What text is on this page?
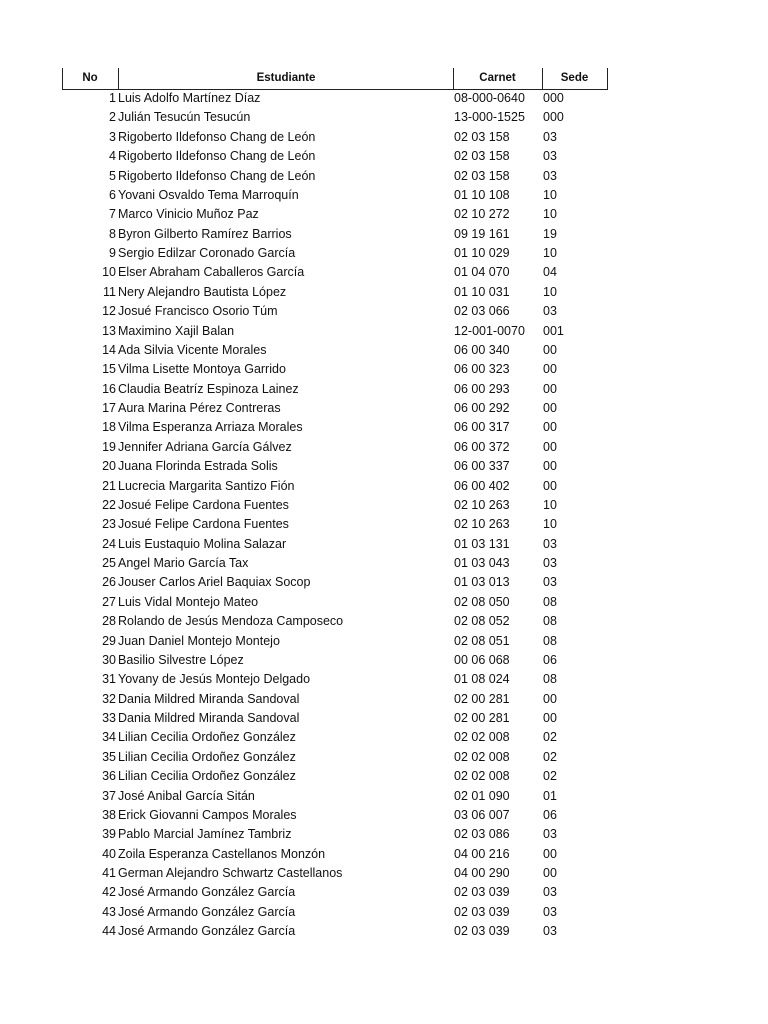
No	Estudiante	Carnet	Sede
1 Luis Adolfo Martínez Díaz	08-000-0640	000
2 Julián Tesucún Tesucún	13-000-1525	000
3 Rigoberto Ildefonso Chang de León	02 03 158	03
4 Rigoberto Ildefonso Chang de León	02 03 158	03
5 Rigoberto Ildefonso Chang de León	02 03 158	03
6 Yovani Osvaldo Tema Marroquín	01 10 108	10
7 Marco Vinicio Muñoz Paz	02 10 272	10
8 Byron Gilberto Ramírez Barrios	09 19 161	19
9 Sergio Edilzar Coronado García	01 10 029	10
10 Elser Abraham Caballeros García	01 04 070	04
11 Nery Alejandro Bautista López	01 10 031	10
12 Josué Francisco Osorio Túm	02 03 066	03
13 Maximino Xajil Balan	12-001-0070	001
14 Ada Silvia Vicente Morales	06 00 340	00
15 Vilma Lisette Montoya Garrido	06 00 323	00
16 Claudia Beatríz Espinoza Lainez	06 00 293	00
17 Aura Marina Pérez Contreras	06 00 292	00
18 Vilma Esperanza Arriaza Morales	06 00 317	00
19 Jennifer Adriana García Gálvez	06 00 372	00
20 Juana Florinda Estrada Solis	06 00 337	00
21 Lucrecia Margarita Santizo Fión	06 00 402	00
22 Josué Felipe Cardona Fuentes	02 10 263	10
23 Josué Felipe Cardona Fuentes	02 10 263	10
24 Luis Eustaquio Molina Salazar	01 03 131	03
25 Angel Mario García Tax	01 03 043	03
26 Jouser Carlos Ariel Baquiax Socop	01 03 013	03
27 Luis Vidal Montejo Mateo	02 08 050	08
28 Rolando de Jesús Mendoza Camposeco	02 08 052	08
29 Juan Daniel Montejo Montejo	02 08 051	08
30 Basilio Silvestre López	00 06 068	06
31 Yovany de Jesús Montejo Delgado	01 08 024	08
32 Dania Mildred Miranda Sandoval	02 00 281	00
33 Dania Mildred Miranda Sandoval	02 00 281	00
34 Lilian Cecilia Ordoñez González	02 02 008	02
35 Lilian Cecilia Ordoñez González	02 02 008	02
36 Lilian Cecilia Ordoñez González	02 02 008	02
37 José Anibal García Sitán	02 01 090	01
38 Erick Giovanni Campos Morales	03 06 007	06
39 Pablo Marcial Jamínez Tambriz	02 03 086	03
40 Zoila Esperanza Castellanos Monzón	04 00 216	00
41 German Alejandro Schwartz Castellanos	04 00 290	00
42 José Armando González García	02 03 039	03
43 José Armando González García	02 03 039	03
44 José Armando González García	02 03 039	03
